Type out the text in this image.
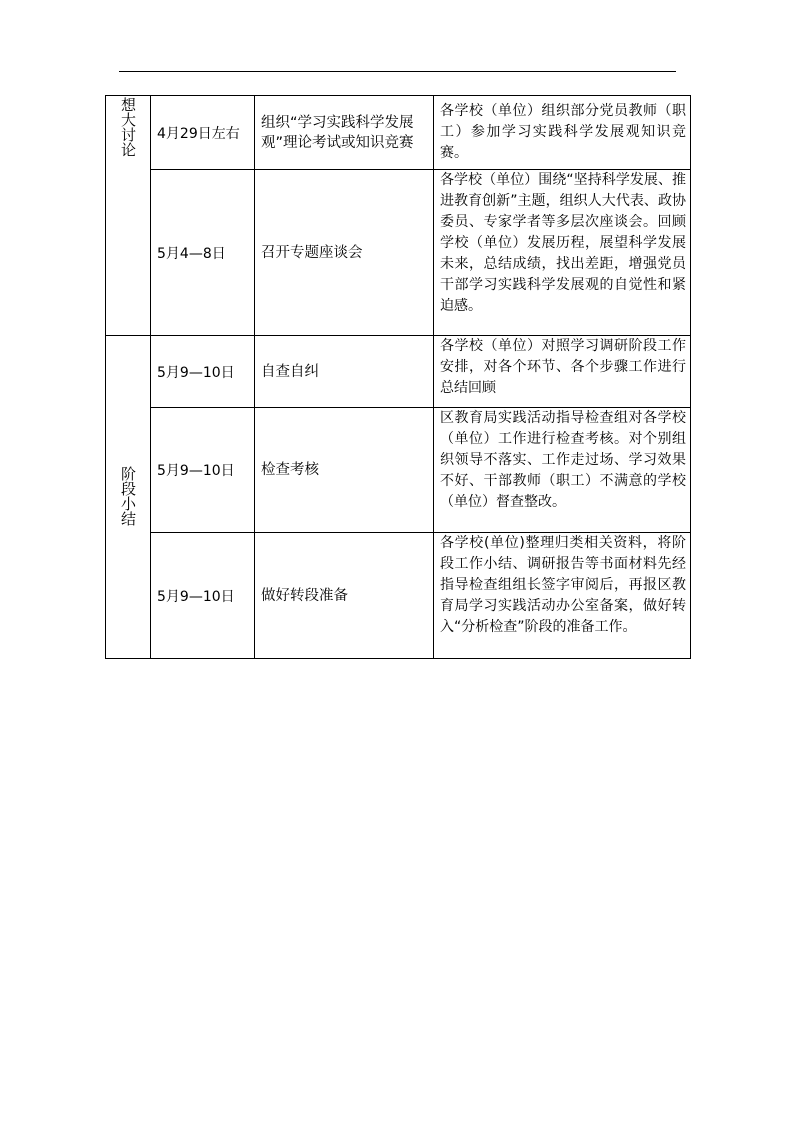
想大讨论	4月29日左右	组织“学习实践科学发展观”理论考试或知识竞赛	各学校（单位）组织部分党员教师（职工）参加学习实践科学发展观知识竞赛。
	5月4—8日	召开专题座谈会	各学校（单位）围绕“坚持科学发展、推进教育创新”主题，组织人大代表、政协委员、专家学者等多层次座谈会。回顾学校（单位）发展历程，展望科学发展未来，总结成绩，找出差距，增强党员干部学习实践科学发展观的自觉性和紧迫感。
阶段小结	5月9—10日	自查自纠	各学校（单位）对照学习调研阶段工作安排，对各个环节、各个步骤工作进行总结回顾
	5月9—10日	检查考核	区教育局实践活动指导检查组对各学校（单位）工作进行检查考核。对个别组织领导不落实、工作走过场、学习效果不好、干部教师（职工）不满意的学校（单位）督查整改。
	5月9—10日	做好转段准备	各学校(单位)整理归类相关资料，将阶段工作小结、调研报告等书面材料先经指导检查组组长签字审阅后，再报区教育局学习实践活动办公室备案，做好转入“分析检查”阶段的准备工作。
